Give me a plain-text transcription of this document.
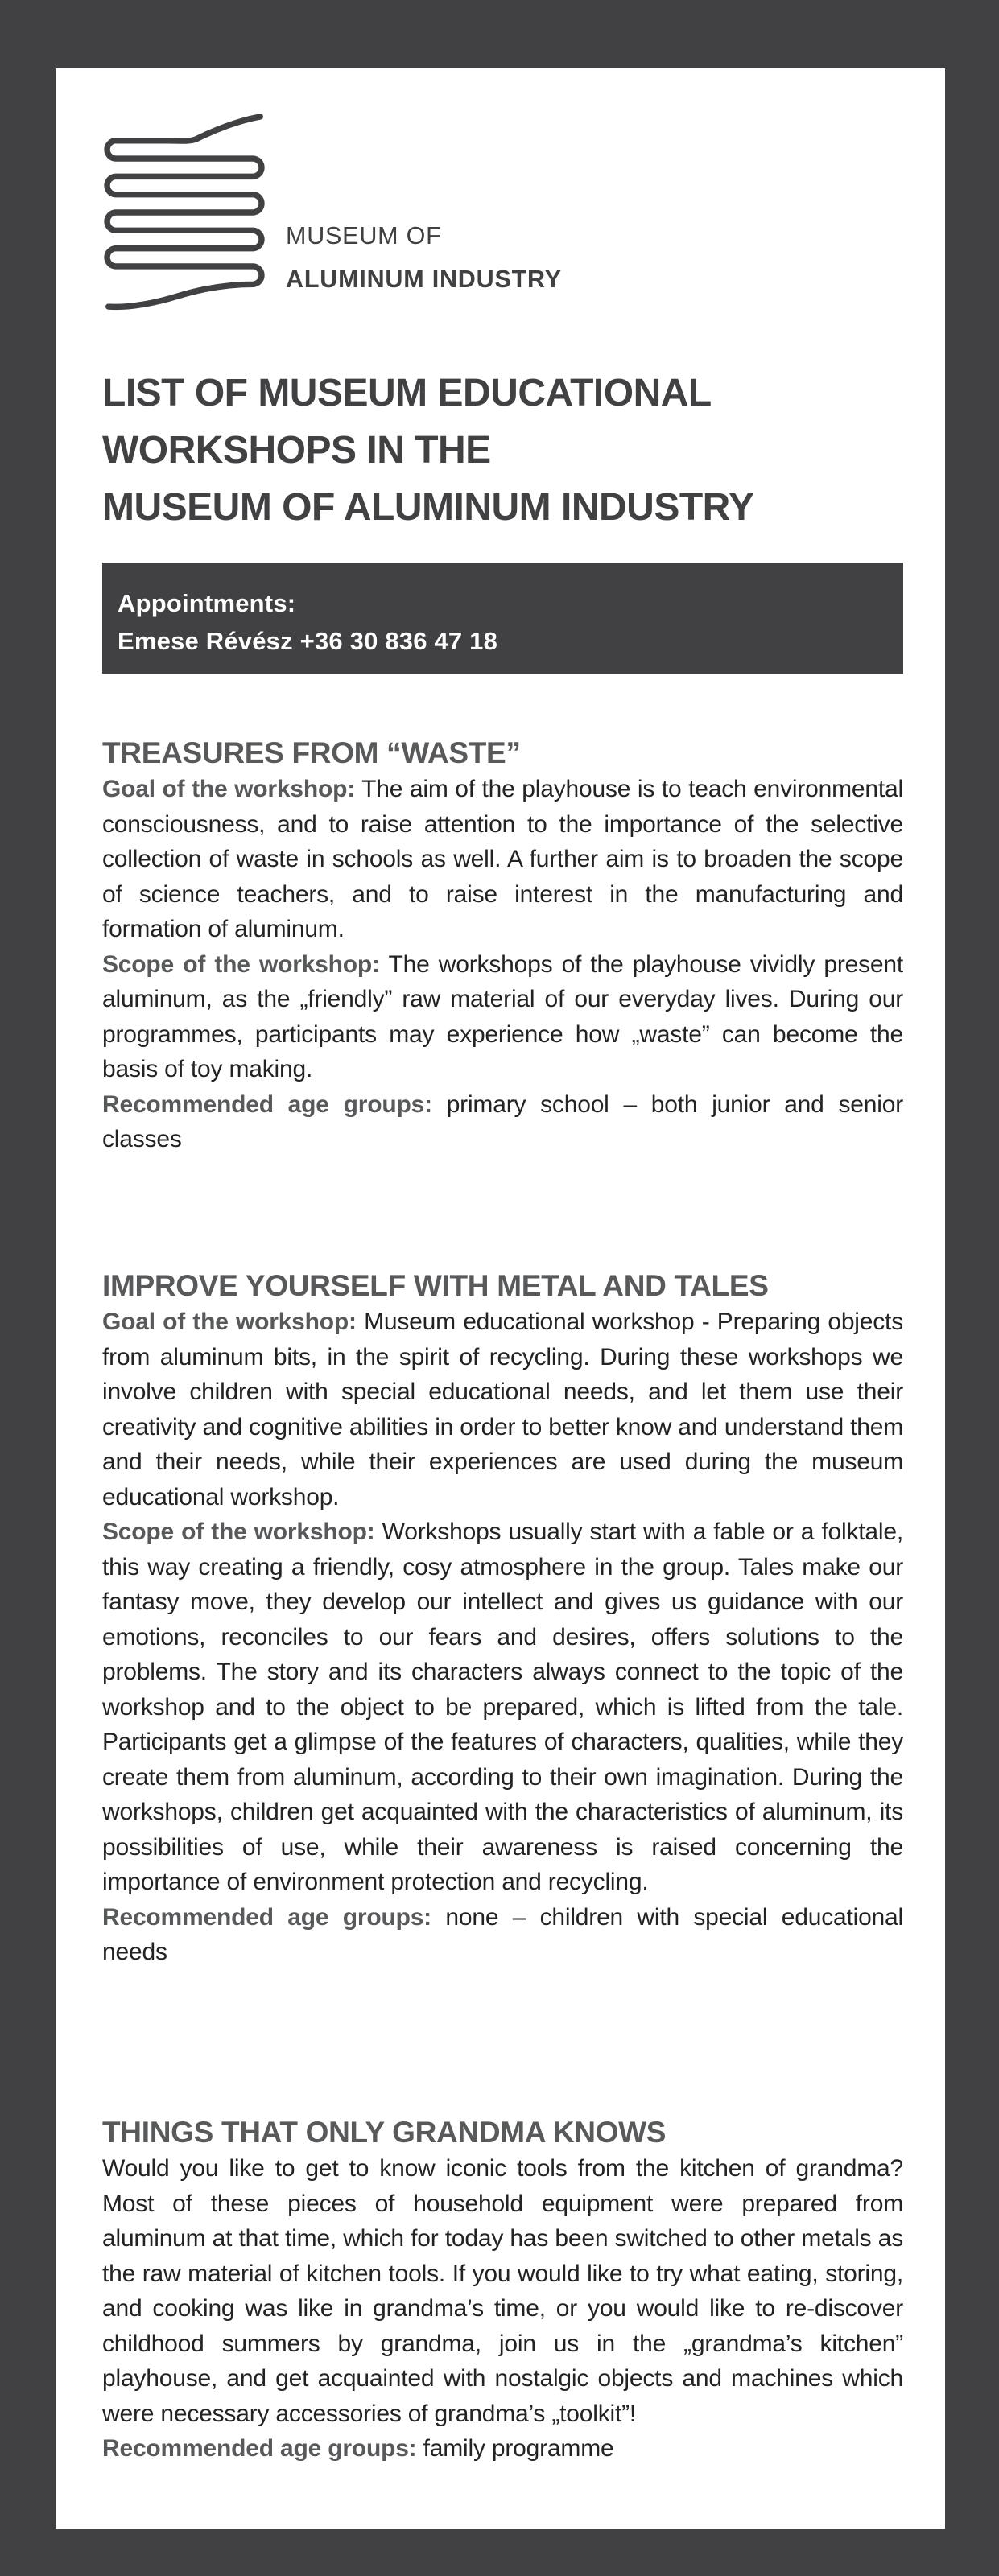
MUSEUM OF
ALUMINUM INDUSTRY
LIST OF MUSEUM EDUCATIONAL
WORKSHOPS IN THE
MUSEUM OF ALUMINUM INDUSTRY
Appointments:
Emese Révész +36 30 836 47 18
TREASURES FROM “WASTE”

Goal of the workshop: The aim of the playhouse is to teach environmental consciousness, and to raise attention to the importance of the selective collection of waste in schools as well. A further aim is to broaden the scope of science teachers, and to raise interest in the manufacturing and formation of aluminum.

Scope of the workshop: The workshops of the playhouse vividly present aluminum, as the „friendly” raw material of our everyday lives. During our programmes, participants may experience how „waste” can become the basis of toy making.

Recommended age groups: primary school – both junior and senior classes

IMPROVE YOURSELF WITH METAL AND TALES

Goal of the workshop: Museum educational workshop - Preparing objects from aluminum bits, in the spirit of recycling. During these workshops we involve children with special educational needs, and let them use their creativity and cognitive abilities in order to better know and understand them and their needs, while their experiences are used during the museum educational workshop.

Scope of the workshop: Workshops usually start with a fable or a folktale, this way creating a friendly, cosy atmosphere in the group. Tales make our fantasy move, they develop our intellect and gives us guidance with our emotions, reconciles to our fears and desires, offers solutions to the problems. The story and its characters always connect to the topic of the workshop and to the object to be prepared, which is lifted from the tale. Participants get a glimpse of the features of characters, qualities, while they create them from aluminum, according to their own imagination. During the workshops, children get acquainted with the characteristics of aluminum, its possibilities of use, while their awareness is raised concerning the importance of environment protection and recycling.

Recommended age groups: none – children with special educational needs

THINGS THAT ONLY GRANDMA KNOWS

Would you like to get to know iconic tools from the kitchen of grandma? Most of these pieces of household equipment were prepared from aluminum at that time, which for today has been switched to other metals as the raw material of kitchen tools. If you would like to try what eating, storing, and cooking was like in grandma’s time, or you would like to re-discover childhood summers by grandma, join us in the „grandma’s kitchen” playhouse, and get acquainted with nostalgic objects and machines which were necessary accessories of grandma’s „toolkit”!

Recommended age groups: family programme
